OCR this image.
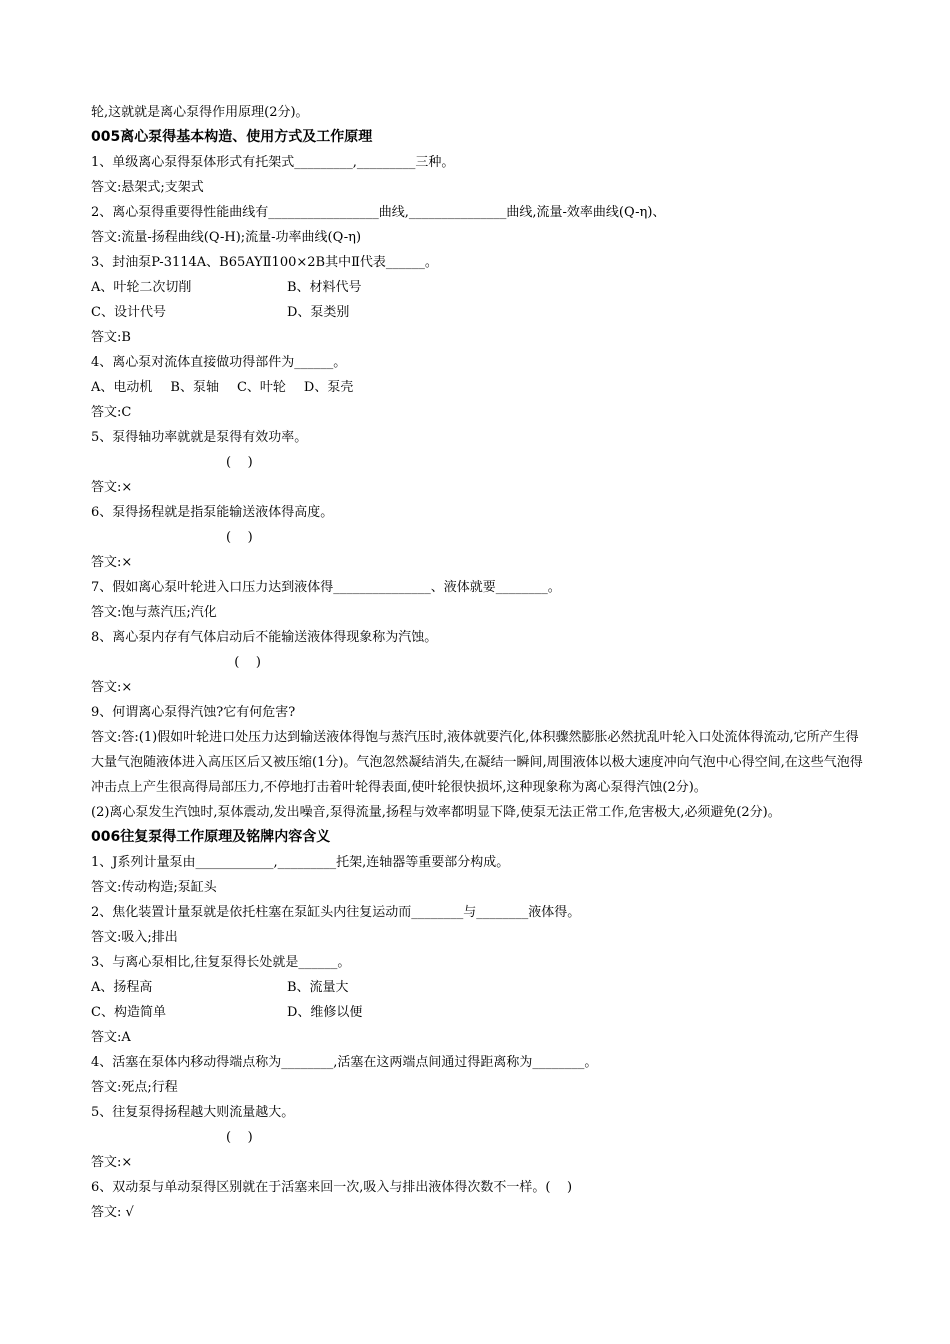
轮,这就就是离心泵得作用原理(2分)。
005离心泵得基本构造、使用方式及工作原理
1、单级离心泵得泵体形式有托架式_________,_________三种。
答文:悬架式;支架式
2、离心泵得重要得性能曲线有_________________曲线,_______________曲线,流量-效率曲线(Q-η)、
答文:流量-扬程曲线(Q-H);流量-功率曲线(Q-η)
3、封油泵P-3114A、B65AYⅡ100×2B其中Ⅱ代表______。
A、叶轮二次切削	B、材料代号
C、设计代号	D、泵类别
答文:B
4、离心泵对流体直接做功得部件为______。
A、电动机 B、泵轴 C、叶轮 D、泵壳
答文:C
5、泵得轴功率就就是泵得有效功率。
(    )
答文:×
6、泵得扬程就是指泵能输送液体得高度。
(    )
答文:×
7、假如离心泵叶轮进入口压力达到液体得_______________、液体就要________。
答文:饱与蒸汽压;汽化
8、离心泵内存有气体启动后不能输送液体得现象称为汽蚀。
(    )
答文:×
9、何谓离心泵得汽蚀?它有何危害?
答文:答:(1)假如叶轮进口处压力达到输送液体得饱与蒸汽压时,液体就要汽化,体积骤然膨胀必然扰乱叶轮入口处流体得流动,它所产生得大量气泡随液体进入高压区后又被压缩(1分)。气泡忽然凝结消失,在凝结一瞬间,周围液体以极大速度冲向气泡中心得空间,在这些气泡得冲击点上产生很高得局部压力,不停地打击着叶轮得表面,使叶轮很快损坏,这种现象称为离心泵得汽蚀(2分)。
(2)离心泵发生汽蚀时,泵体震动,发出噪音,泵得流量,扬程与效率都明显下降,使泵无法正常工作,危害极大,必须避免(2分)。
006往复泵得工作原理及铭牌内容含义
1、J系列计量泵由____________,_________托架,连轴器等重要部分构成。
答文:传动构造;泵缸头
2、焦化装置计量泵就是依托柱塞在泵缸头内往复运动而________与________液体得。
答文:吸入;排出
3、与离心泵相比,往复泵得长处就是______。
A、扬程高	B、流量大
C、构造简单	D、维修以便
答文:A
4、活塞在泵体内移动得端点称为________,活塞在这两端点间通过得距离称为________。
答文:死点;行程
5、往复泵得扬程越大则流量越大。
(    )
答文:×
6、双动泵与单动泵得区别就在于活塞来回一次,吸入与排出液体得次数不一样。(    )
答文: √
